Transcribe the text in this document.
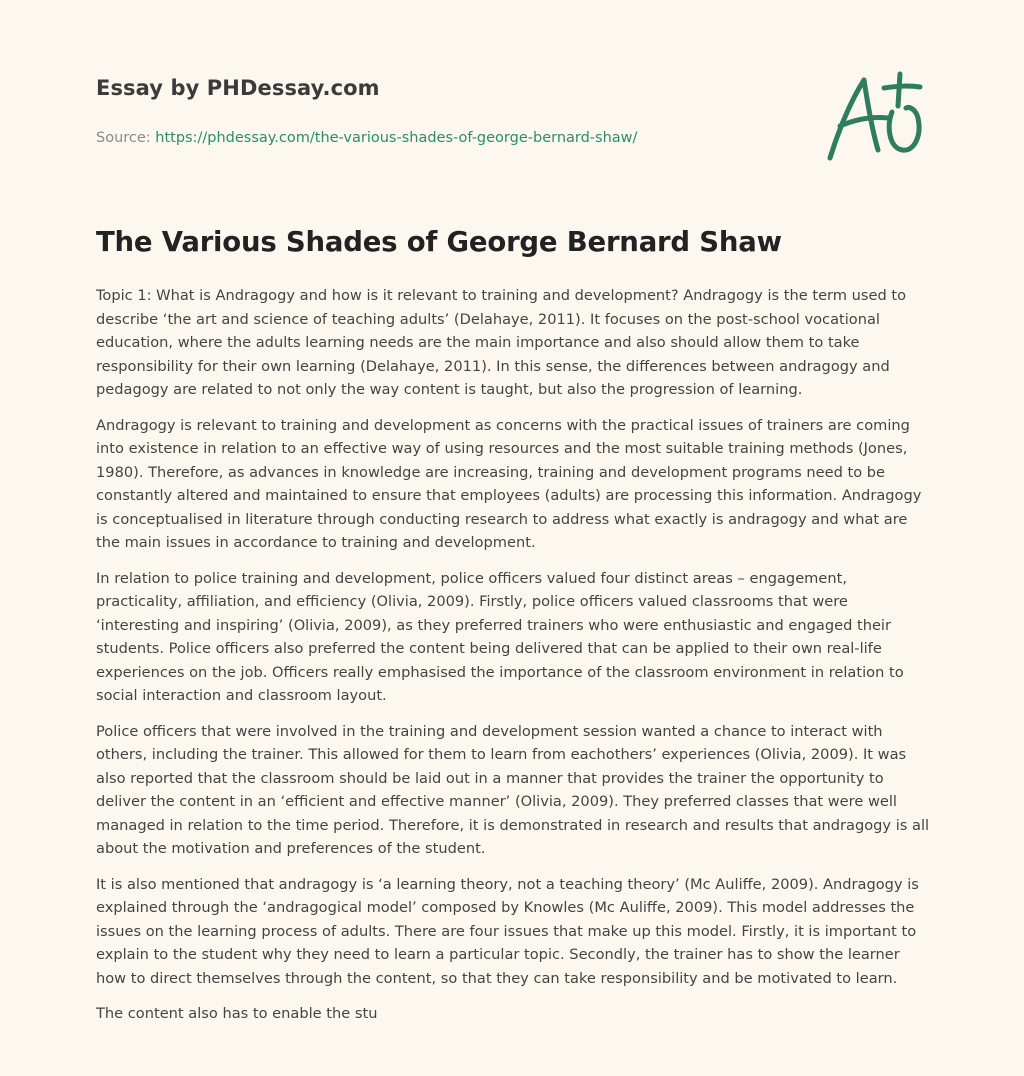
Essay by PHDessay.com
Source: https://phdessay.com/the-various-shades-of-george-bernard-shaw/
The Various Shades of George Bernard Shaw

Topic 1: What is Andragogy and how is it relevant to training and development? Andragogy is the term used to describe ‘the art and science of teaching adults’ (Delahaye, 2011). It focuses on the post-school vocational education, where the adults learning needs are the main importance and also should allow them to take responsibility for their own learning (Delahaye, 2011). In this sense, the differences between andragogy and pedagogy are related to not only the way content is taught, but also the progression of learning.

Andragogy is relevant to training and development as concerns with the practical issues of trainers are coming into existence in relation to an effective way of using resources and the most suitable training methods (Jones, 1980). Therefore, as advances in knowledge are increasing, training and development programs need to be constantly altered and maintained to ensure that employees (adults) are processing this information. Andragogy is conceptualised in literature through conducting research to address what exactly is andragogy and what are the main issues in accordance to training and development.

In relation to police training and development, police officers valued four distinct areas – engagement, practicality, affiliation, and efficiency (Olivia, 2009). Firstly, police officers valued classrooms that were ‘interesting and inspiring’ (Olivia, 2009), as they preferred trainers who were enthusiastic and engaged their students. Police officers also preferred the content being delivered that can be applied to their own real-life experiences on the job. Officers really emphasised the importance of the classroom environment in relation to social interaction and classroom layout.

Police officers that were involved in the training and development session wanted a chance to interact with others, including the trainer. This allowed for them to learn from eachothers’ experiences (Olivia, 2009). It was also reported that the classroom should be laid out in a manner that provides the trainer the opportunity to deliver the content in an ‘efficient and effective manner’ (Olivia, 2009). They preferred classes that were well managed in relation to the time period. Therefore, it is demonstrated in research and results that andragogy is all about the motivation and preferences of the student.

It is also mentioned that andragogy is ‘a learning theory, not a teaching theory’ (Mc Auliffe, 2009). Andragogy is explained through the ‘andragogical model’ composed by Knowles (Mc Auliffe, 2009). This model addresses the issues on the learning process of adults. There are four issues that make up this model. Firstly, it is important to explain to the student why they need to learn a particular topic. Secondly, the trainer has to show the learner how to direct themselves through the content, so that they can take responsibility and be motivated to learn.

The content also has to enable the stu
